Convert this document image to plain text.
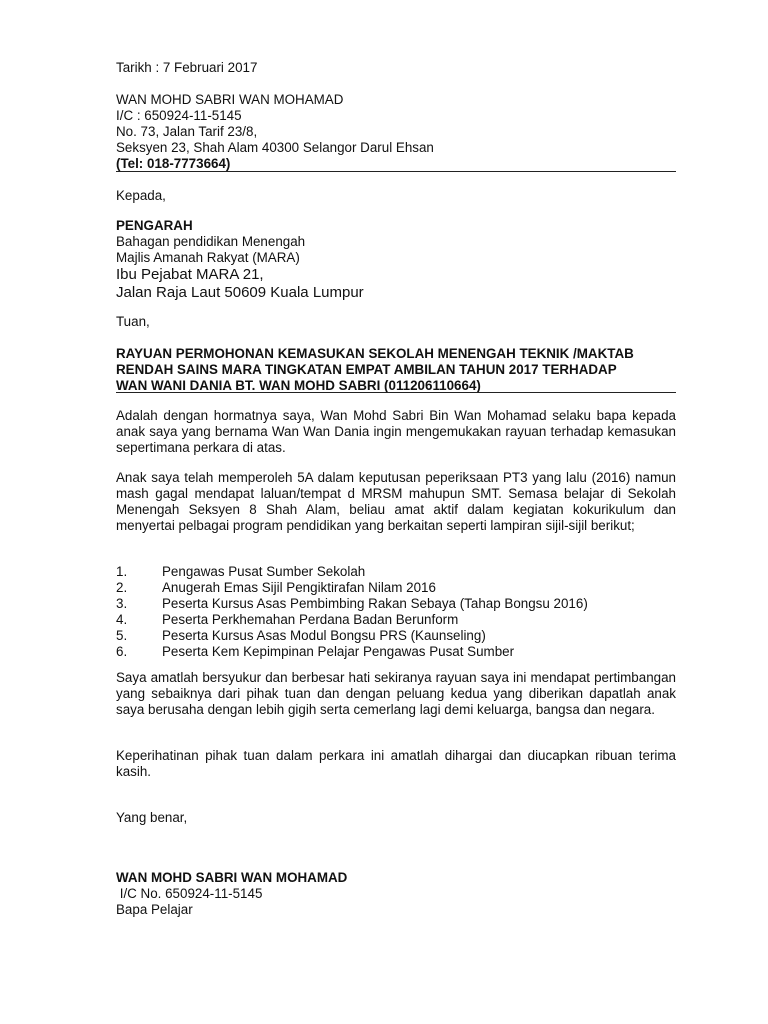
Tarikh : 7 Februari 2017
WAN MOHD SABRI WAN MOHAMAD
I/C : 650924-11-5145
No. 73, Jalan Tarif 23/8,
Seksyen 23, Shah Alam 40300 Selangor Darul Ehsan
(Tel: 018-7773664)
Kepada,
PENGARAH
Bahagan pendidikan Menengah
Majlis Amanah Rakyat (MARA)
Ibu Pejabat MARA 21,
Jalan Raja Laut 50609 Kuala Lumpur
Tuan,
RAYUAN PERMOHONAN KEMASUKAN SEKOLAH MENENGAH TEKNIK /MAKTAB
RENDAH SAINS MARA TINGKATAN EMPAT AMBILAN TAHUN 2017 TERHADAP
WAN WANI DANIA BT. WAN MOHD SABRI (011206110664)

Adalah dengan hormatnya saya, Wan Mohd Sabri Bin Wan Mohamad selaku bapa kepada anak saya yang bernama Wan Wan Dania ingin mengemukakan rayuan terhadap kemasukan sepertimana perkara di atas.

Anak saya telah memperoleh 5A dalam keputusan peperiksaan PT3 yang lalu (2016) namun mash gagal mendapat laluan/tempat d MRSM mahupun SMT. Semasa belajar di Sekolah Menengah Seksyen 8 Shah Alam, beliau amat aktif dalam kegiatan kokurikulum dan menyertai pelbagai program pendidikan yang berkaitan seperti lampiran sijil-sijil berikut;

1.	Pengawas Pusat Sumber Sekolah
2.	Anugerah Emas Sijil Pengiktirafan Nilam 2016
3.	Peserta Kursus Asas Pembimbing Rakan Sebaya (Tahap Bongsu 2016)
4.	Peserta Perkhemahan Perdana Badan Berunform
5.	Peserta Kursus Asas Modul Bongsu PRS (Kaunseling)
6.	Peserta Kem Kepimpinan Pelajar Pengawas Pusat Sumber

Saya amatlah bersyukur dan berbesar hati sekiranya rayuan saya ini mendapat pertimbangan yang sebaiknya dari pihak tuan dan dengan peluang kedua yang diberikan dapatlah anak saya berusaha dengan lebih gigih serta cemerlang lagi demi keluarga, bangsa dan negara.

Keperihatinan pihak tuan dalam perkara ini amatlah dihargai dan diucapkan ribuan terima kasih.

Yang benar,
WAN MOHD SABRI WAN MOHAMAD
I/C No. 650924-11-5145
Bapa Pelajar
